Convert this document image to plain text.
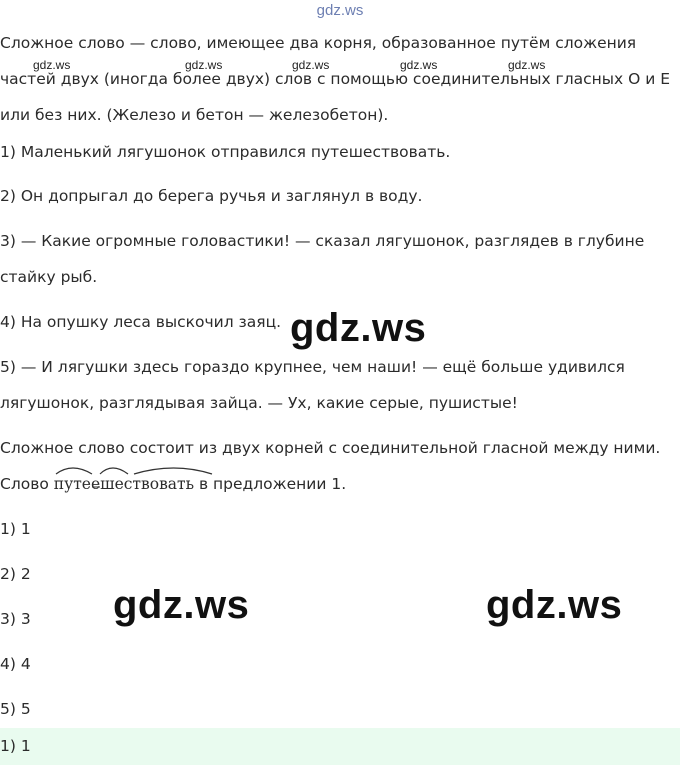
gdz.ws
Сложное слово — слово, имеющее два корня, образованное путём сложения частей двух (иногда более двух) слов с помощью соединительных гласных О и Е или без них. (Железо и бетон — железобетон).
gdz.ws	gdz.ws	gdz.ws	gdz.ws	gdz.ws
1) Маленький лягушонок отправился путешествовать.
2) Он допрыгал до берега ручья и заглянул в воду.
3) — Какие огромные головастики! — сказал лягушонок, разглядев в глубине стайку рыб.
4) На опушку леса выскочил заяц.
5) — И лягушки здесь гораздо крупнее, чем наши! — ещё больше удивился лягушонок, разглядывая зайца. — Ух, какие серые, пушистые!
Сложное слово состоит из двух корней с соединительной гласной между ними. Слово
путеешествовать в предложении 1.
1) 1
2) 2
3) 3
4) 4
5) 5
1) 1
gdz.ws
gdz.ws	gdz.ws
